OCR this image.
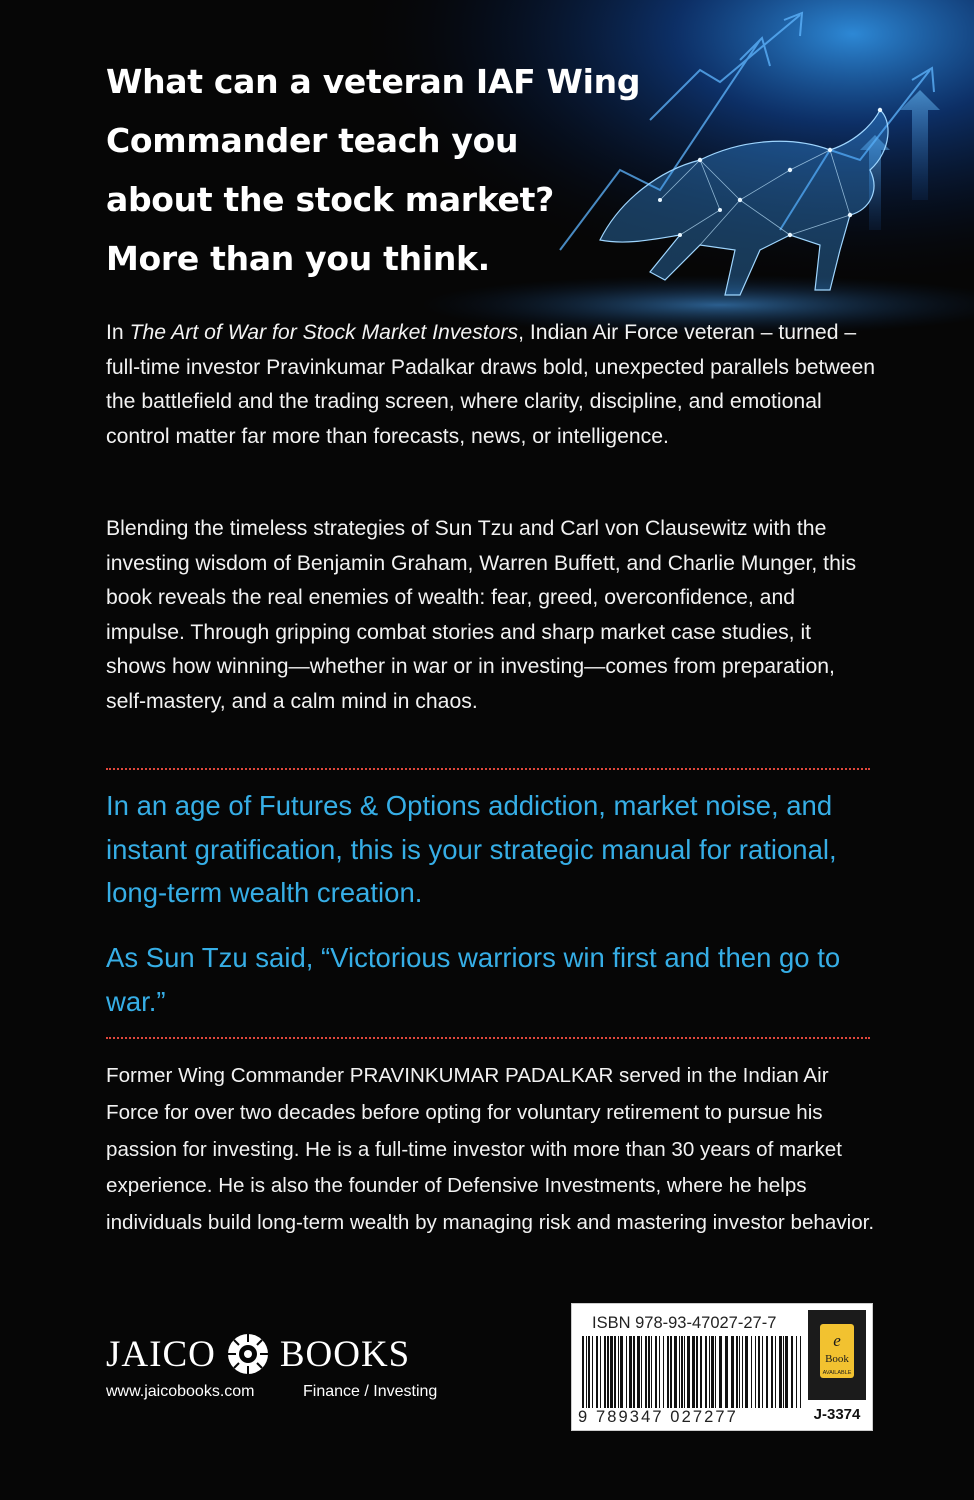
What can a veteran IAF Wing
Commander teach you
about the stock market?
More than you think.
In The Art of War for Stock Market Investors, Indian Air Force veteran – turned – full-time investor Pravinkumar Padalkar draws bold, unexpected parallels between the battlefield and the trading screen, where clarity, discipline, and emotional control matter far more than forecasts, news, or intelligence.
Blending the timeless strategies of Sun Tzu and Carl von Clausewitz with the investing wisdom of Benjamin Graham, Warren Buffett, and Charlie Munger, this book reveals the real enemies of wealth: fear, greed, overconfidence, and impulse. Through gripping combat stories and sharp market case studies, it shows how winning—whether in war or in investing—comes from preparation, self-mastery, and a calm mind in chaos.
In an age of Futures & Options addiction, market noise, and instant gratification, this is your strategic manual for rational, long-term wealth creation.
As Sun Tzu said, “Victorious warriors win first and then go to war.”
Former Wing Commander PRAVINKUMAR PADALKAR served in the Indian Air Force for over two decades before opting for voluntary retirement to pursue his passion for investing. He is a full-time investor with more than 30 years of market experience. He is also the founder of Defensive Investments, where he helps individuals build long-term wealth by managing risk and mastering investor behavior.
JAICO BOOKS
www.jaicobooks.com	Finance / Investing
ISBN 978-93-47027-27-7
9 789347 027277
e
Book
AVAILABLE
J-3374
